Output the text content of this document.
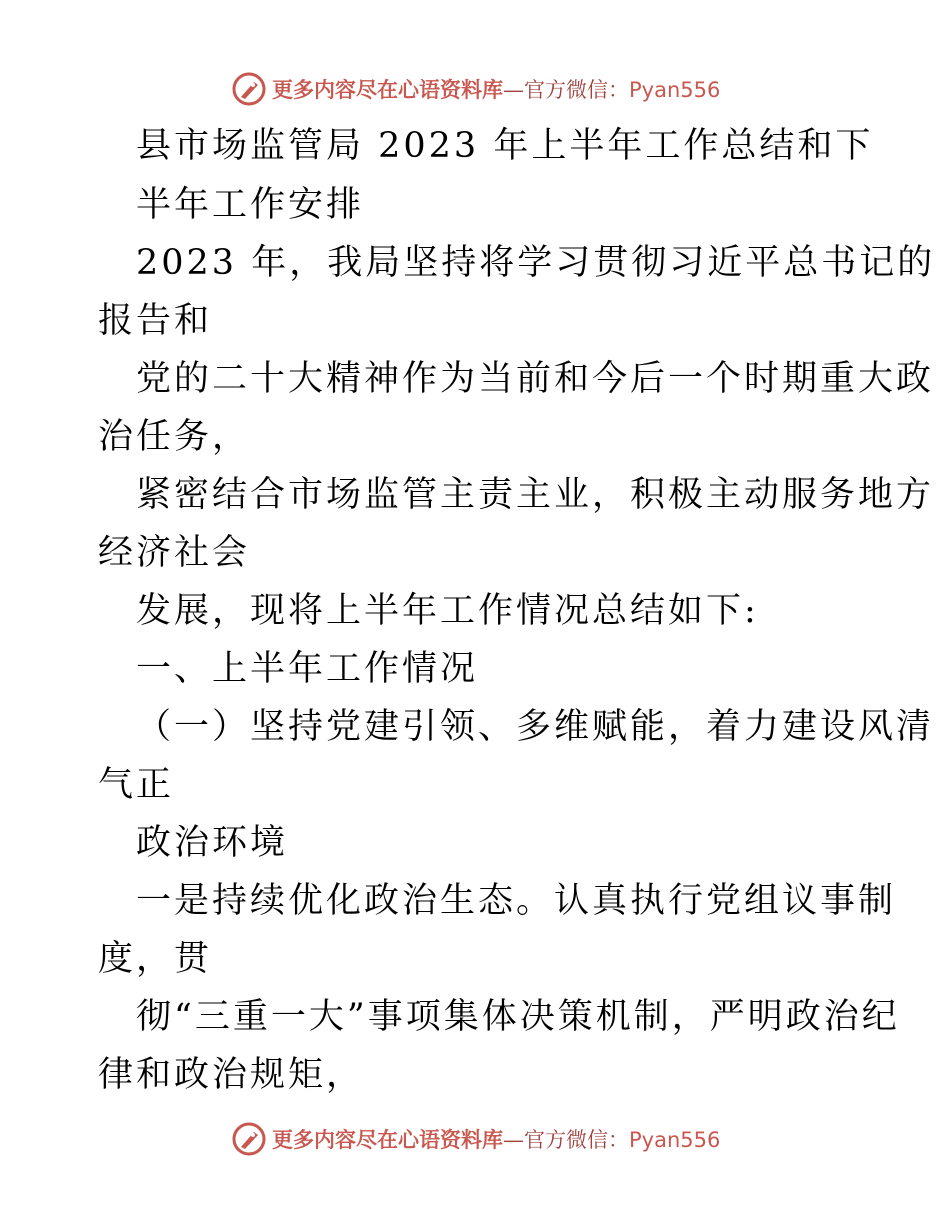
更多内容尽在心语资料库—官方微信：Pyan556
县市场监管局 2023 年上半年工作总结和下
半年工作安排
2023 年，我局坚持将学习贯彻习近平总书记的
报告和
党的二十大精神作为当前和今后一个时期重大政
治任务，
紧密结合市场监管主责主业，积极主动服务地方
经济社会
发展，现将上半年工作情况总结如下:
一、上半年工作情况
（一）坚持党建引领、多维赋能，着力建设风清
气正
政治环境
一是持续优化政治生态。认真执行党组议事制
度，贯
彻“三重一大”事项集体决策机制，严明政治纪
律和政治规矩，
更多内容尽在心语资料库—官方微信：Pyan556
